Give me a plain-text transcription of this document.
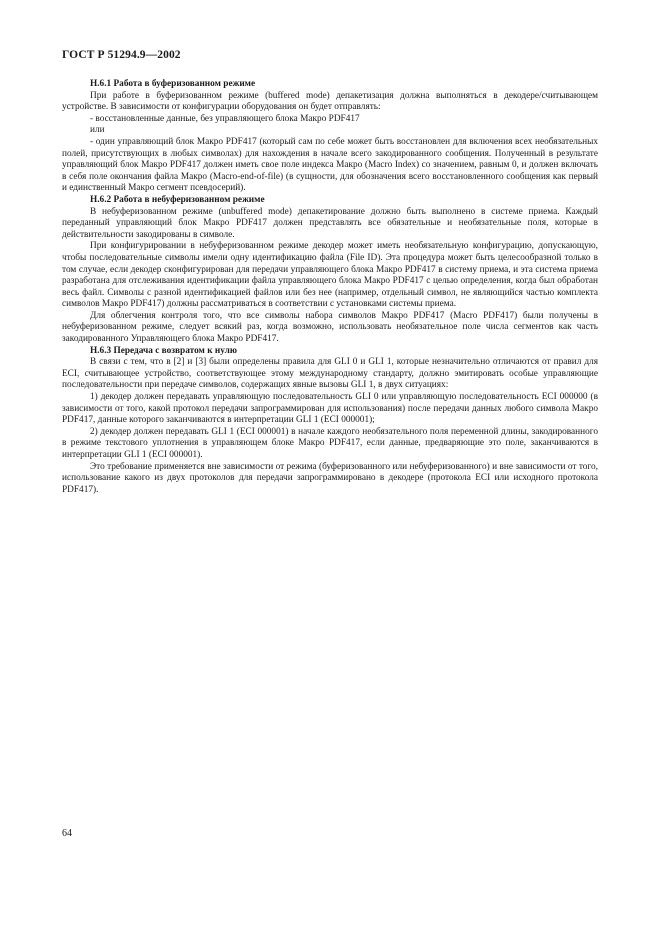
ГОСТ Р 51294.9—2002
Н.6.1 Работа в буферизованном режиме

При работе в буферизованном режиме (buffered mode) депакетизация должна выполняться в декодере/считывающем устройстве. В зависимости от конфигурации оборудования он будет отправлять:

- восстановленные данные, без управляющего блока Макро PDF417

или

- один управляющий блок Макро PDF417 (который сам по себе может быть восстановлен для включения всех необязательных полей, присутствующих в любых символах) для нахождения в начале всего закодированного сообщения. Полученный в результате управляющий блок Макро PDF417 должен иметь свое поле индекса Макро (Macro Index) со значением, равным 0, и должен включать в себя поле окончания файла Макро (Macro-end-of-file) (в сущности, для обозначения всего восстановленного сообщения как первый и единственный Макро сегмент псевдосерий).

Н.6.2 Работа в небуферизованном режиме

В небуферизованном режиме (unbuffered mode) депакетирование должно быть выполнено в системе приема. Каждый переданный управляющий блок Макро PDF417 должен представлять все обязательные и необязательные поля, которые в действительности закодированы в символе.

При конфигурировании в небуферизованном режиме декодер может иметь необязательную конфигурацию, допускающую, чтобы последовательные символы имели одну идентификацию файла (File ID). Эта процедура может быть целесообразной только в том случае, если декодер сконфигурирован для передачи управляющего блока Макро PDF417 в систему приема, и эта система приема разработана для отслеживания идентификации файла управляющего блока Макро PDF417 с целью определения, когда был обработан весь файл. Символы с разной идентификацией файлов или без нее (например, отдельный символ, не являющийся частью комплекта символов Макро PDF417) должны рассматриваться в соответствии с установками системы приема.

Для облегчения контроля того, что все символы набора символов Макро PDF417 (Macro PDF417) были получены в небуферизованном режиме, следует всякий раз, когда возможно, использовать необязательное поле числа сегментов как часть закодированного Управляющего блока Макро PDF417.

Н.6.3 Передача с возвратом к нулю

В связи с тем, что в [2] и [3] были определены правила для GLI 0 и GLI 1, которые незначительно отличаются от правил для ECI, считывающее устройство, соответствующее этому международному стандарту, должно эмитировать особые управляющие последовательности при передаче символов, содержащих явные вызовы GLI 1, в двух ситуациях:

1) декодер должен передавать управляющую последовательность GLI 0 или управляющую последовательность ECI 000000 (в зависимости от того, какой протокол передачи запрограммирован для использования) после передачи данных любого символа Макро PDF417, данные которого заканчиваются в интерпретации GLI 1 (ECI 000001);

2) декодер должен передавать GLI 1 (ECI 000001) в начале каждого необязательного поля переменной длины, закодированного в режиме текстового уплотнения в управляющем блоке Макро PDF417, если данные, предваряющие это поле, заканчиваются в интерпретации GLI 1 (ECI 000001).

Это требование применяется вне зависимости от режима (буферизованного или небуферизованного) и вне зависимости от того, использование какого из двух протоколов для передачи запрограммировано в декодере (протокола ECI или исходного протокола PDF417).

64
